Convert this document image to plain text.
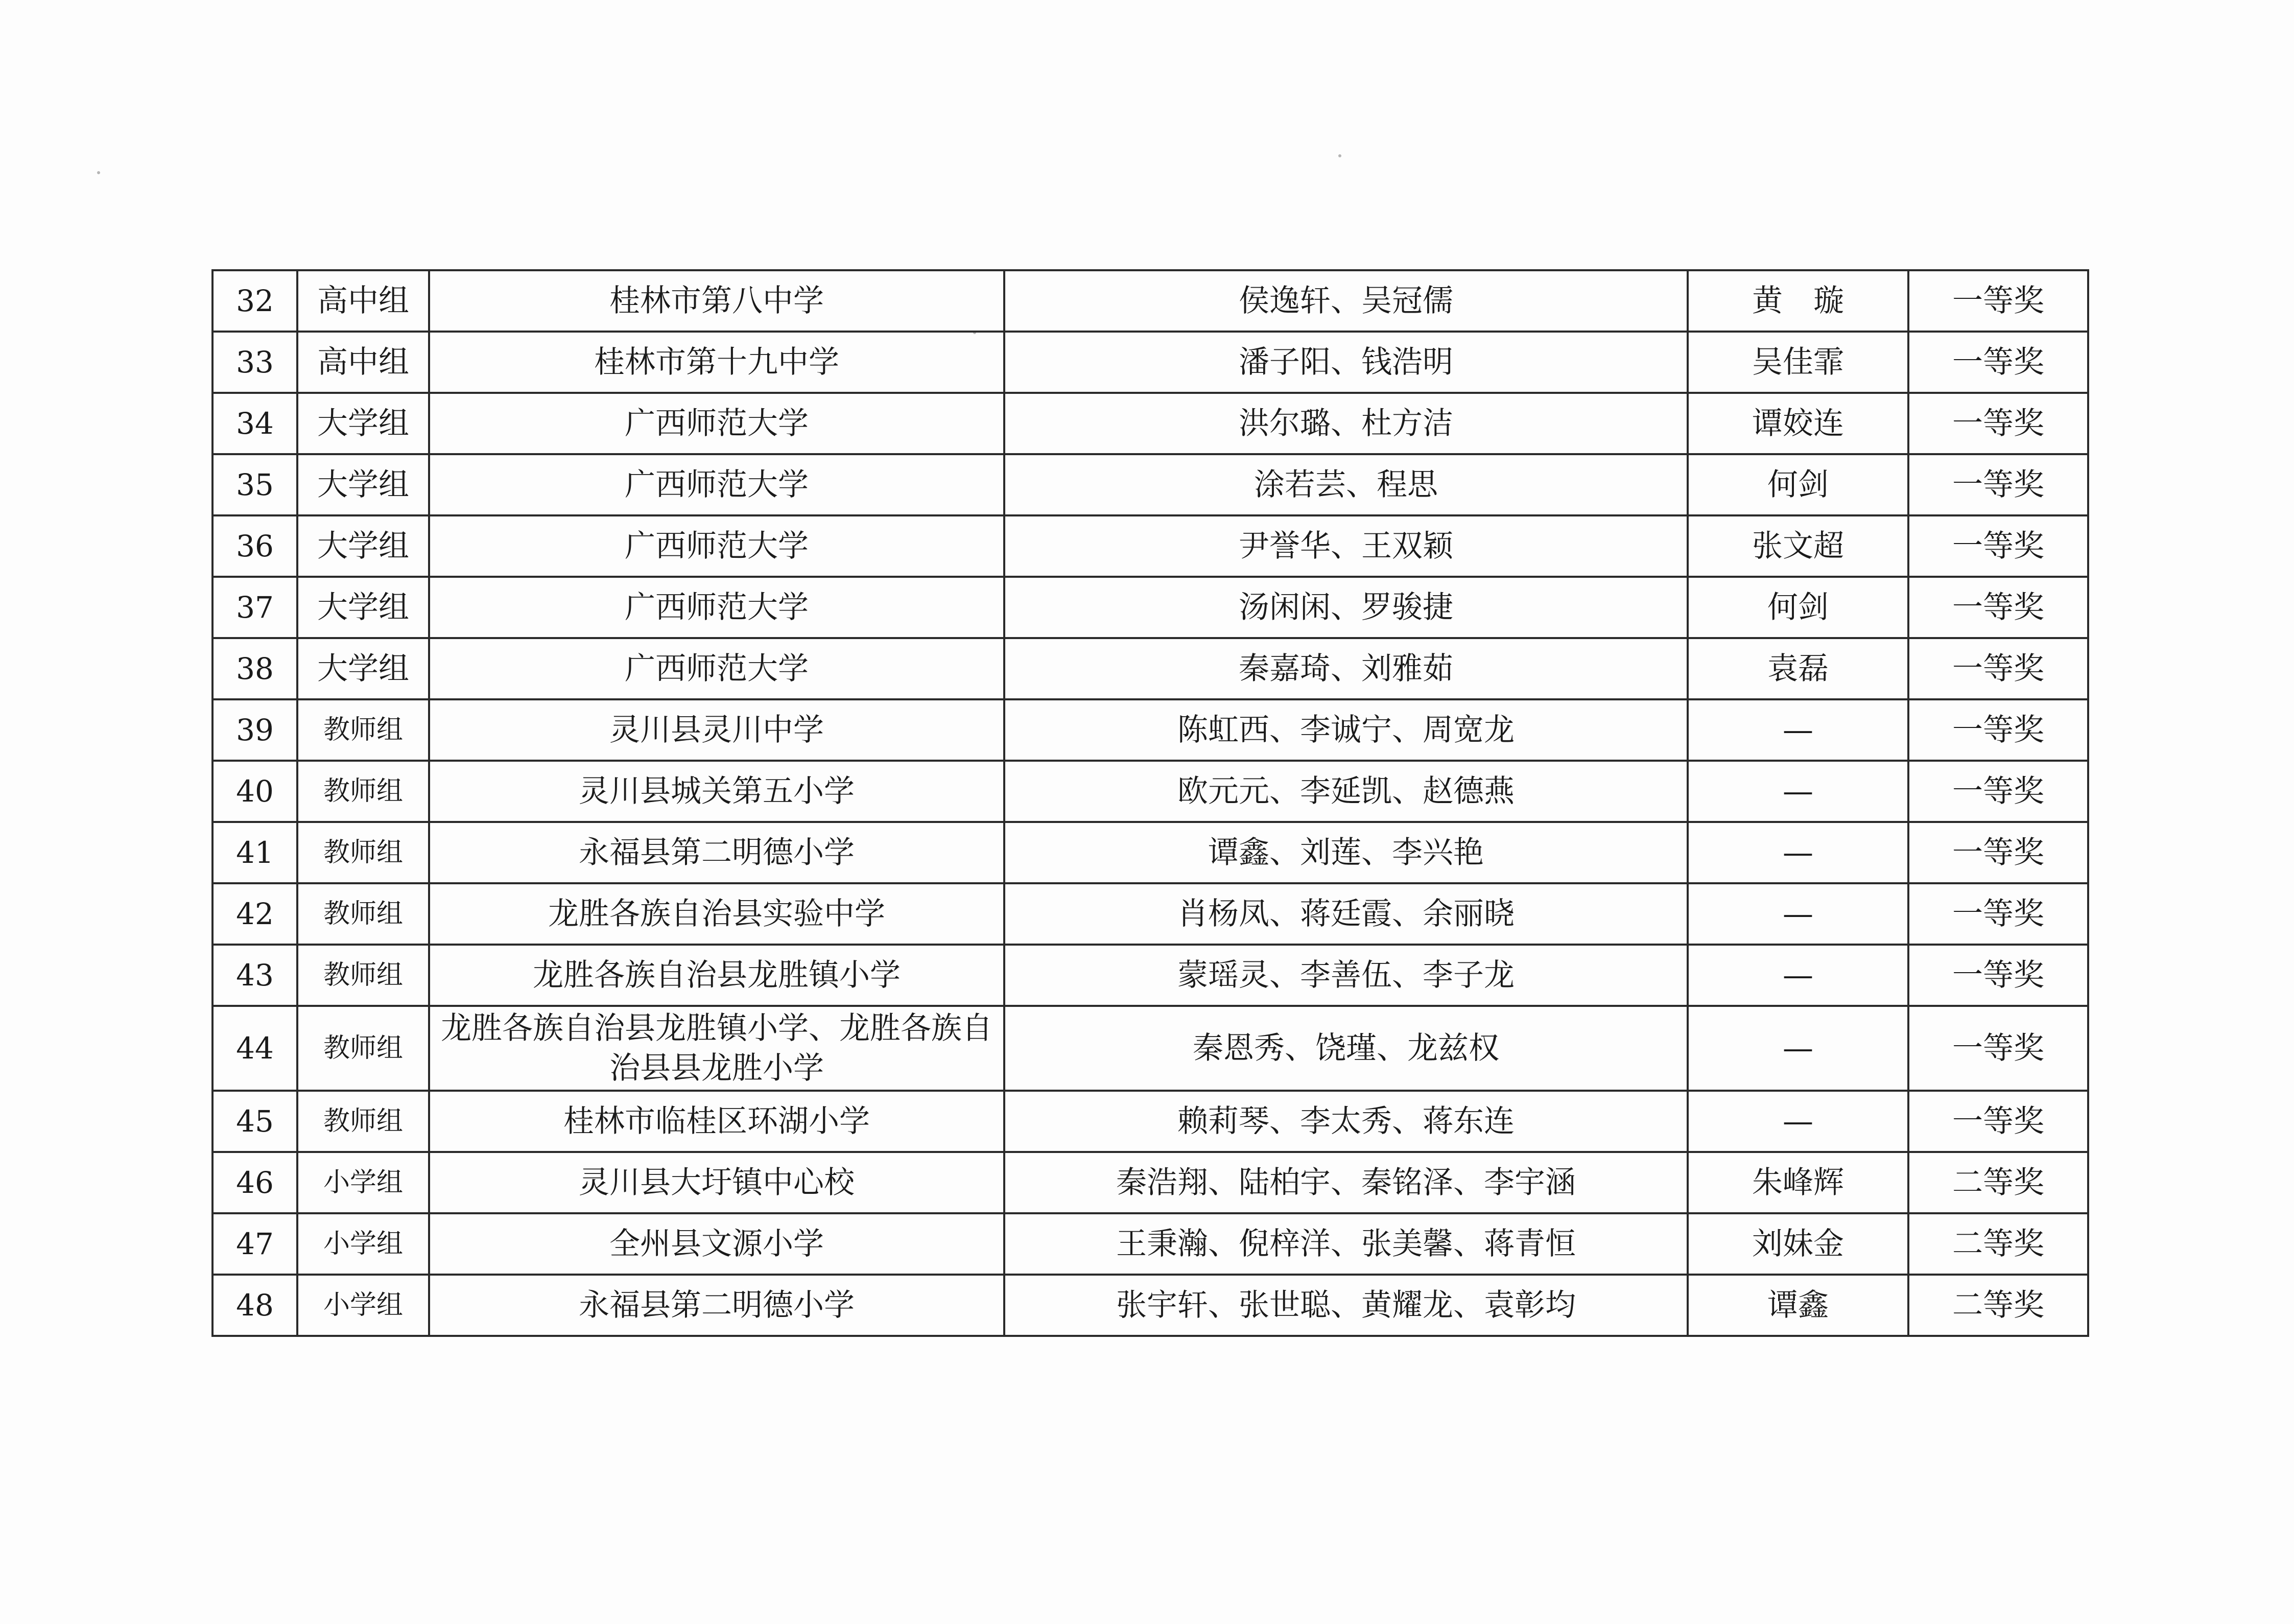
32	高中组	桂林市第八中学	侯逸轩、吴冠儒	黄　璇	一等奖
33	高中组	桂林市第十九中学	潘子阳、钱浩明	吴佳霏	一等奖
34	大学组	广西师范大学	洪尔璐、杜方洁	谭姣连	一等奖
35	大学组	广西师范大学	涂若芸、程思	何剑	一等奖
36	大学组	广西师范大学	尹誉华、王双颖	张文超	一等奖
37	大学组	广西师范大学	汤闲闲、罗骏捷	何剑	一等奖
38	大学组	广西师范大学	秦嘉琦、刘雅茹	袁磊	一等奖
39	教师组	灵川县灵川中学	陈虹西、李诚宁、周宽龙	—	一等奖
40	教师组	灵川县城关第五小学	欧元元、李延凯、赵德燕	—	一等奖
41	教师组	永福县第二明德小学	谭鑫、刘莲、李兴艳	—	一等奖
42	教师组	龙胜各族自治县实验中学	肖杨凤、蒋廷霞、余丽晓	—	一等奖
43	教师组	龙胜各族自治县龙胜镇小学	蒙瑶灵、李善伍、李子龙	—	一等奖
44	教师组	龙胜各族自治县龙胜镇小学、龙胜各族自治县县龙胜小学	秦恩秀、饶瑾、龙兹权	—	一等奖
45	教师组	桂林市临桂区环湖小学	赖莉琴、李太秀、蒋东连	—	一等奖
46	小学组	灵川县大圩镇中心校	秦浩翔、陆柏宇、秦铭泽、李宇涵	朱峰辉	二等奖
47	小学组	全州县文源小学	王秉瀚、倪梓洋、张美馨、蒋青恒	刘妹金	二等奖
48	小学组	永福县第二明德小学	张宇轩、张世聪、黄耀龙、袁彰均	谭鑫	二等奖
